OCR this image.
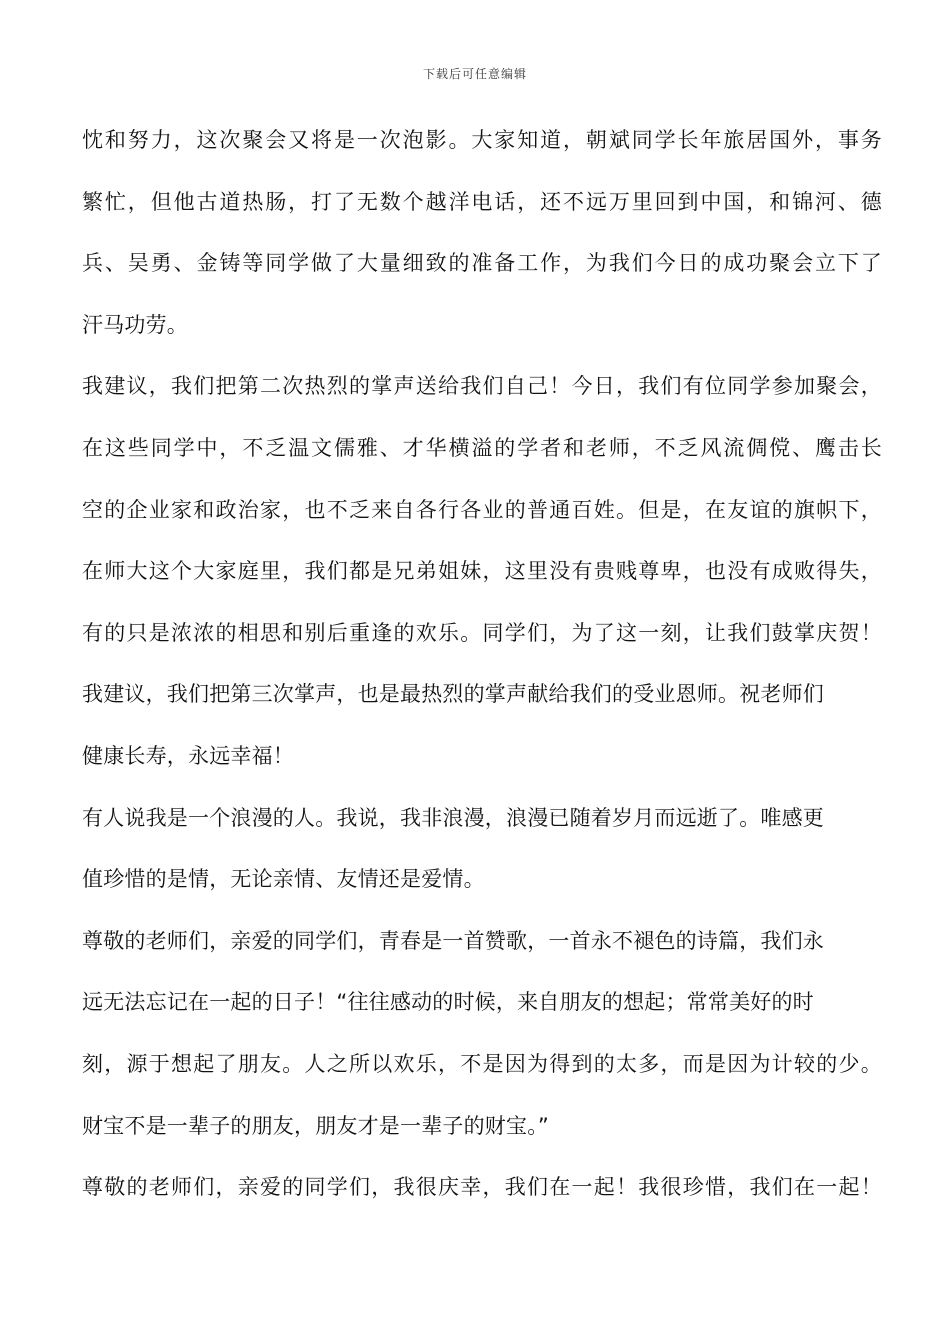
下载后可任意编辑
忱和努力，这次聚会又将是一次泡影。大家知道，朝斌同学长年旅居国外，事务
繁忙，但他古道热肠，打了无数个越洋电话，还不远万里回到中国，和锦河、德
兵、吴勇、金铸等同学做了大量细致的准备工作，为我们今日的成功聚会立下了
汗马功劳。
我建议，我们把第二次热烈的掌声送给我们自己！今日，我们有位同学参加聚会，
在这些同学中，不乏温文儒雅、才华横溢的学者和老师，不乏风流倜傥、鹰击长
空的企业家和政治家，也不乏来自各行各业的普通百姓。但是，在友谊的旗帜下，
在师大这个大家庭里，我们都是兄弟姐妹，这里没有贵贱尊卑，也没有成败得失，
有的只是浓浓的相思和别后重逢的欢乐。同学们，为了这一刻，让我们鼓掌庆贺！
我建议，我们把第三次掌声，也是最热烈的掌声献给我们的受业恩师。祝老师们
健康长寿，永远幸福！
有人说我是一个浪漫的人。我说，我非浪漫，浪漫已随着岁月而远逝了。唯感更
值珍惜的是情，无论亲情、友情还是爱情。
尊敬的老师们，亲爱的同学们，青春是一首赞歌，一首永不褪色的诗篇，我们永
远无法忘记在一起的日子！“往往感动的时候，来自朋友的想起；常常美好的时
刻，源于想起了朋友。人之所以欢乐，不是因为得到的太多，而是因为计较的少。
财宝不是一辈子的朋友，朋友才是一辈子的财宝。”
尊敬的老师们，亲爱的同学们，我很庆幸，我们在一起！我很珍惜，我们在一起！
